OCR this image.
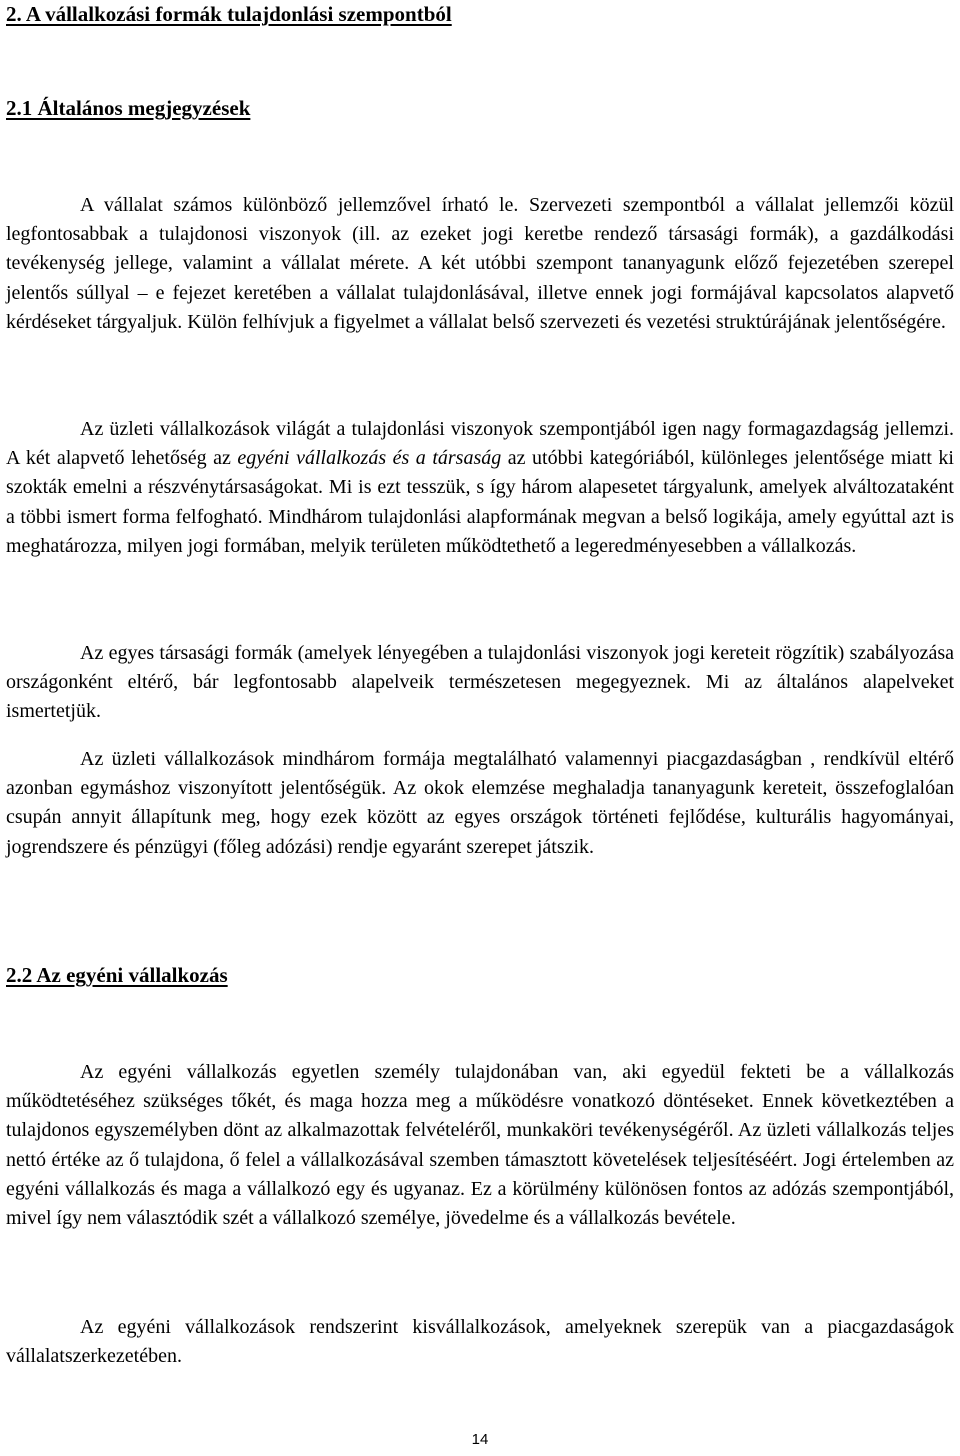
2. A vállalkozási formák tulajdonlási szempontból
2.1 Általános megjegyzések

A vállalat számos különböző jellemzővel írható le. Szervezeti szempontból a vállalat jellemzői közül legfontosabbak a tulajdonosi viszonyok (ill. az ezeket jogi keretbe rendező társasági formák), a gazdálkodási tevékenység jellege, valamint a vállalat mérete. A két utóbbi szempont tananyagunk előző fejezetében szerepel jelentős súllyal – e fejezet keretében a vállalat tulajdonlásával, illetve ennek jogi formájával kapcsolatos alapvető kérdéseket tárgyaljuk. Külön felhívjuk a figyelmet a vállalat belső szervezeti és vezetési struktúrájának jelentőségére.

Az üzleti vállalkozások világát a tulajdonlási viszonyok szempontjából igen nagy formagazdagság jellemzi. A két alapvető lehetőség az egyéni vállalkozás és a társaság az utóbbi kategóriából, különleges jelentősége miatt ki szokták emelni a részvénytársaságokat. Mi is ezt tesszük, s így három alapesetet tárgyalunk, amelyek alváltozataként a többi ismert forma felfogható. Mindhárom tulajdonlási alapformának megvan a belső logikája, amely egyúttal azt is meghatározza, milyen jogi formában, melyik területen működtethető a legeredményesebben a vállalkozás.

Az egyes társasági formák (amelyek lényegében a tulajdonlási viszonyok jogi kereteit rögzítik) szabályozása országonként eltérő, bár legfontosabb alapelveik természetesen megegyeznek. Mi az általános alapelveket ismertetjük.

Az üzleti vállalkozások mindhárom formája megtalálható valamennyi piacgazdaságban , rendkívül eltérő azonban egymáshoz viszonyított jelentőségük. Az okok elemzése meghaladja tananyagunk kereteit, összefoglalóan csupán annyit állapítunk meg, hogy ezek között az egyes országok történeti fejlődése, kulturális hagyományai, jogrendszere és pénzügyi (főleg adózási) rendje egyaránt szerepet játszik.

2.2 Az egyéni vállalkozás

Az egyéni vállalkozás egyetlen személy tulajdonában van, aki egyedül fekteti be a vállalkozás működtetéséhez szükséges tőkét, és maga hozza meg a működésre vonatkozó döntéseket. Ennek következtében a tulajdonos egyszemélyben dönt az alkalmazottak felvételéről, munkaköri tevékenységéről. Az üzleti vállalkozás teljes nettó értéke az ő tulajdona, ő felel a vállalkozásával szemben támasztott követelések teljesítéséért. Jogi értelemben az egyéni vállalkozás és maga a vállalkozó egy és ugyanaz. Ez a körülmény különösen fontos az adózás szempontjából, mivel így nem választódik szét a vállalkozó személye, jövedelme és a vállalkozás bevétele.

Az egyéni vállalkozások rendszerint kisvállalkozások, amelyeknek szerepük van a piacgazdaságok vállalatszerkezetében.

14
